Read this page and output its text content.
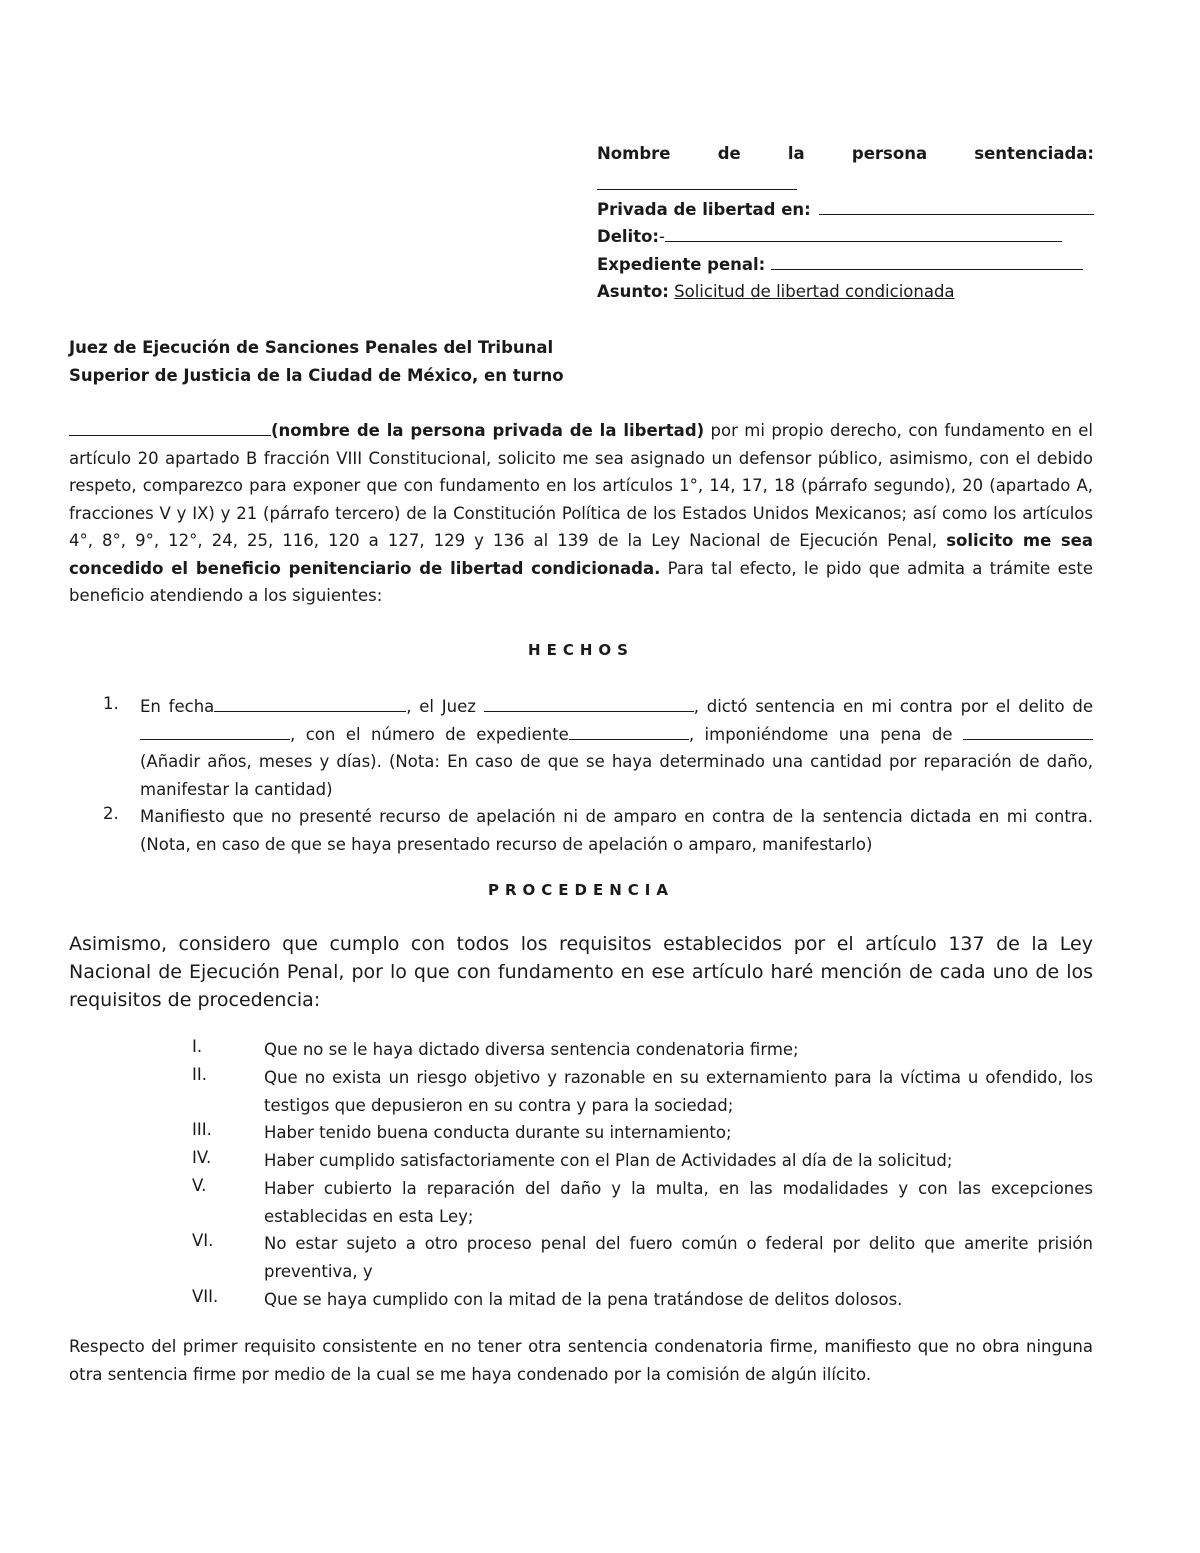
Nombre de la persona sentenciada:
Privada de libertad en:
Delito: -
Expediente penal:
Asunto: Solicitud de libertad condicionada
Juez de Ejecución de Sanciones Penales del Tribunal
Superior de Justicia de la Ciudad de México, en turno
(nombre de la persona privada de la libertad) por mi propio derecho, con fundamento en el artículo 20 apartado B fracción VIII Constitucional, solicito me sea asignado un defensor público, asimismo, con el debido respeto, comparezco para exponer que con fundamento en los artículos 1°, 14, 17, 18 (párrafo segundo), 20 (apartado A, fracciones V y IX) y 21 (párrafo tercero) de la Constitución Política de los Estados Unidos Mexicanos; así como los artículos 4°, 8°, 9°, 12°, 24, 25, 116, 120 a 127, 129 y 136 al 139 de la Ley Nacional de Ejecución Penal, solicito me sea concedido el beneficio penitenciario de libertad condicionada. Para tal efecto, le pido que admita a trámite este beneficio atendiendo a los siguientes:
HECHOS
1. En fecha	, el Juez	, dictó sentencia en mi contra por el delito de , con el número de expediente	, imponiéndome una pena de (Añadir años, meses y días). (Nota: En caso de que se haya determinado una cantidad por reparación de daño, manifestar la cantidad)
2. Manifiesto que no presenté recurso de apelación ni de amparo en contra de la sentencia dictada en mi contra. (Nota, en caso de que se haya presentado recurso de apelación o amparo, manifestarlo)
PROCEDENCIA
Asimismo, considero que cumplo con todos los requisitos establecidos por el artículo 137 de la Ley Nacional de Ejecución Penal, por lo que con fundamento en ese artículo haré mención de cada uno de los requisitos de procedencia:
I.	Que no se le haya dictado diversa sentencia condenatoria firme;
II.	Que no exista un riesgo objetivo y razonable en su externamiento para la víctima u ofendido, los testigos que depusieron en su contra y para la sociedad;
III.	Haber tenido buena conducta durante su internamiento;
IV.	Haber cumplido satisfactoriamente con el Plan de Actividades al día de la solicitud;
V.	Haber cubierto la reparación del daño y la multa, en las modalidades y con las excepciones establecidas en esta Ley;
VI.	No estar sujeto a otro proceso penal del fuero común o federal por delito que amerite prisión preventiva, y
VII.	Que se haya cumplido con la mitad de la pena tratándose de delitos dolosos.
Respecto del primer requisito consistente en no tener otra sentencia condenatoria firme, manifiesto que no obra ninguna otra sentencia firme por medio de la cual se me haya condenado por la comisión de algún ilícito.
